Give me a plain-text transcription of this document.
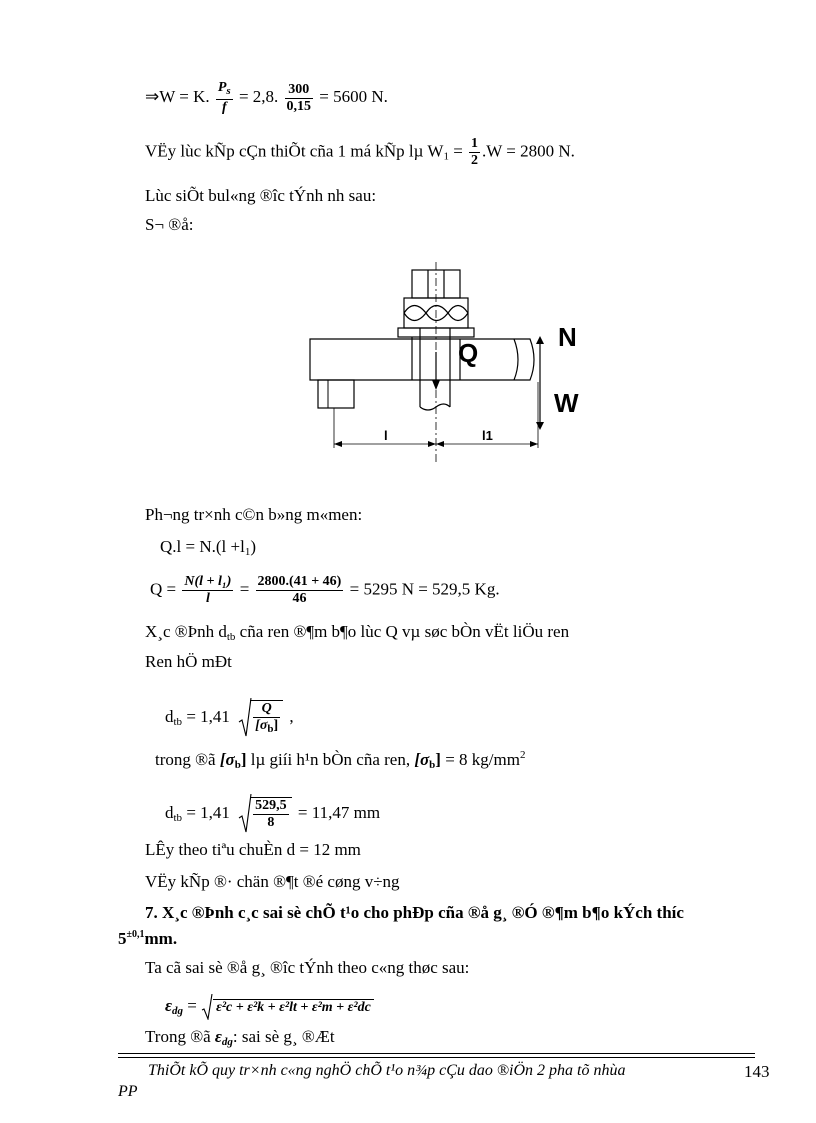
⇒W = K. $\frac{P_s}{f} = 2,8$. $\frac{300}{0,15} = 5600$ N.
VËy lùc kÑp cÇn thiÕt cña 1 má kÑp lµ $W_1 = \frac{1}{2} .W = 2800$ N.
Lùc siÕt bul«ng ®îc tÝnh nh sau:
S¬ ®å:
Q
N
W
l	l1
Ph¬ng tr×nh c©n b»ng m«men:
$Q.l = N.(l +l_1)$
$Q = \frac{\text{N(l + l₁)}}{l} = \frac{2800.(41 + 46)}{46} = 5295$ N = 529,5 Kg.
X¸c ®Þnh $d_{tb}$ cña ren ®¶m b¶o lùc Q vµ søc bÒn vËt liÖu ren
Ren hÖ mÐt
$d_{tb} = 1,41 \frac{Q}{[\sigma_b]}$ ,
trong ®ã $[\sigma_b]$ lµ giíi h¹n bÒn cña ren, $[\sigma_b] = 8$ $kg/mm^2$
$d_{tb} = 1,41 \frac{529,5}{8} = 11,47$ mm
LÊy theo tiªu chuÈn d = 12 mm
VËy kÑp ®· chän ®¶t ®é cøng v÷ng
7. X¸c ®Þnh c¸c sai sè chÕ t¹o cho phÐp cña ®å g¸ ®Ó ®¶m b¶o kÝch thíc
$5^{\pm 0,1}mm$.
Ta cã sai sè ®å g¸ ®îc tÝnh theo c«ng thøc sau:
$\varepsilon_{dg} = \varepsilon^2c + \varepsilon^2k + \varepsilon^2lt + \varepsilon^2m + \varepsilon^2dc$
Trong ®ã $\varepsilon_{dg}$: sai sè g¸ ®Æt
ThiÕt kÕ quy tr×nh c«ng nghÖ chÕ t¹o n¾p cÇu dao ®iÖn 2 pha tõ nhùa
PP
143
